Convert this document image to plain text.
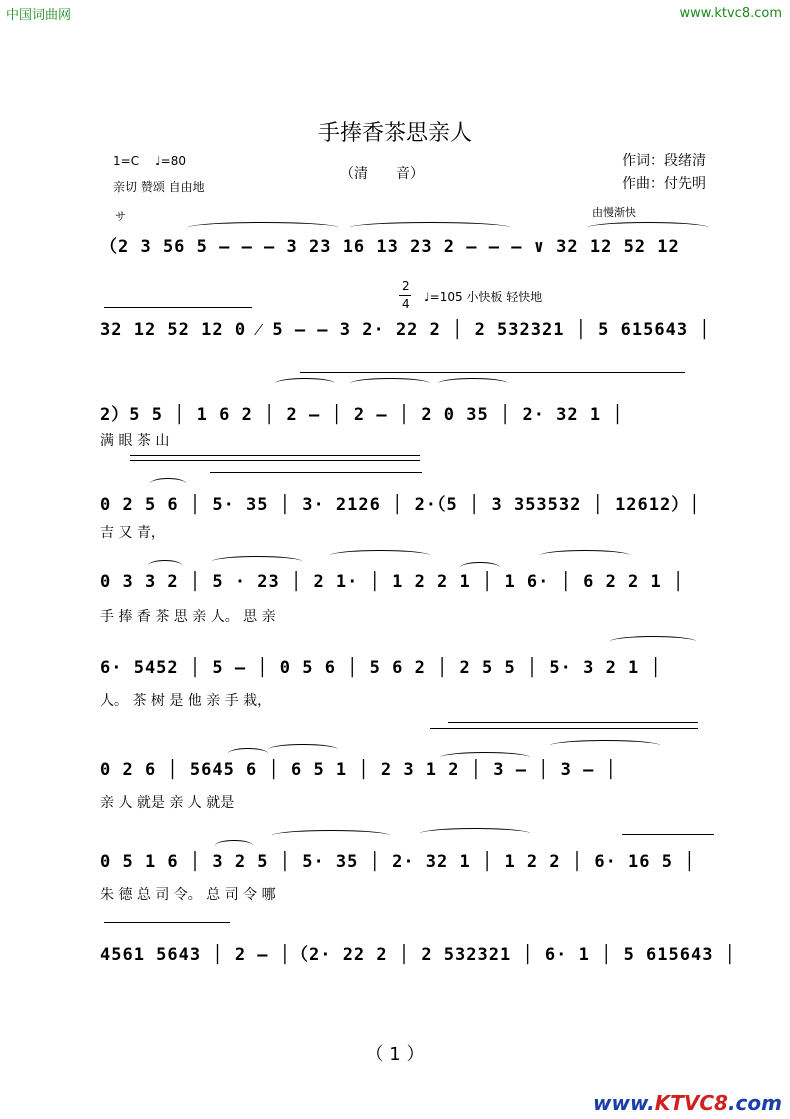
中国词曲网	www.ktvc8.com
手捧香茶思亲人
1=C ♩=80
亲切 赞颂 自由地
（清　　音）
作词：段绪清
作曲：付先明
サ	由慢渐快
2
4 ♩=105 小快板 轻快地
（2 3 56 5 — — — 3 23 16 13 23 2 — — — ∨ 32 12 52 12
32 12 52 12 0 ⁄ 5 — — 3 2· 22 2 │ 2 532321 │ 5 615643 │
2）5 5 │ 1 6 2 │ 2 — │ 2 — │ 2 0 35 │ 2· 32 1 │
满 眼 茶 山
0 2 5 6 │ 5· 35 │ 3· 2126 │ 2·（5 │ 3 353532 │ 12612）│
吉 又 青，
0 3 3 2 │ 5 · 23 │ 2 1· │ 1 2 2 1 │ 1 6· │ 6 2 2 1 │
手 捧 香 茶 思 亲 人。 思 亲
6· 5452 │ 5 — │ 0 5 6 │ 5 6 2 │ 2 5 5 │ 5· 3 2 1 │
人。 茶 树 是 他 亲 手 栽，
0 2 6 │ 5645 6 │ 6 5 1 │ 2 3 1 2 │ 3 — │ 3 — │
亲 人 就是 亲 人 就是
0 5 1 6 │ 3 2 5 │ 5· 35 │ 2· 32 1 │ 1 2 2 │ 6· 16 5 │
朱 德 总 司 令。 总 司 令 哪
4561 5643 │ 2 — │（2· 22 2 │ 2 532321 │ 6· 1 │ 5 615643 │
（ 1 ）
www.KTVC8.com
